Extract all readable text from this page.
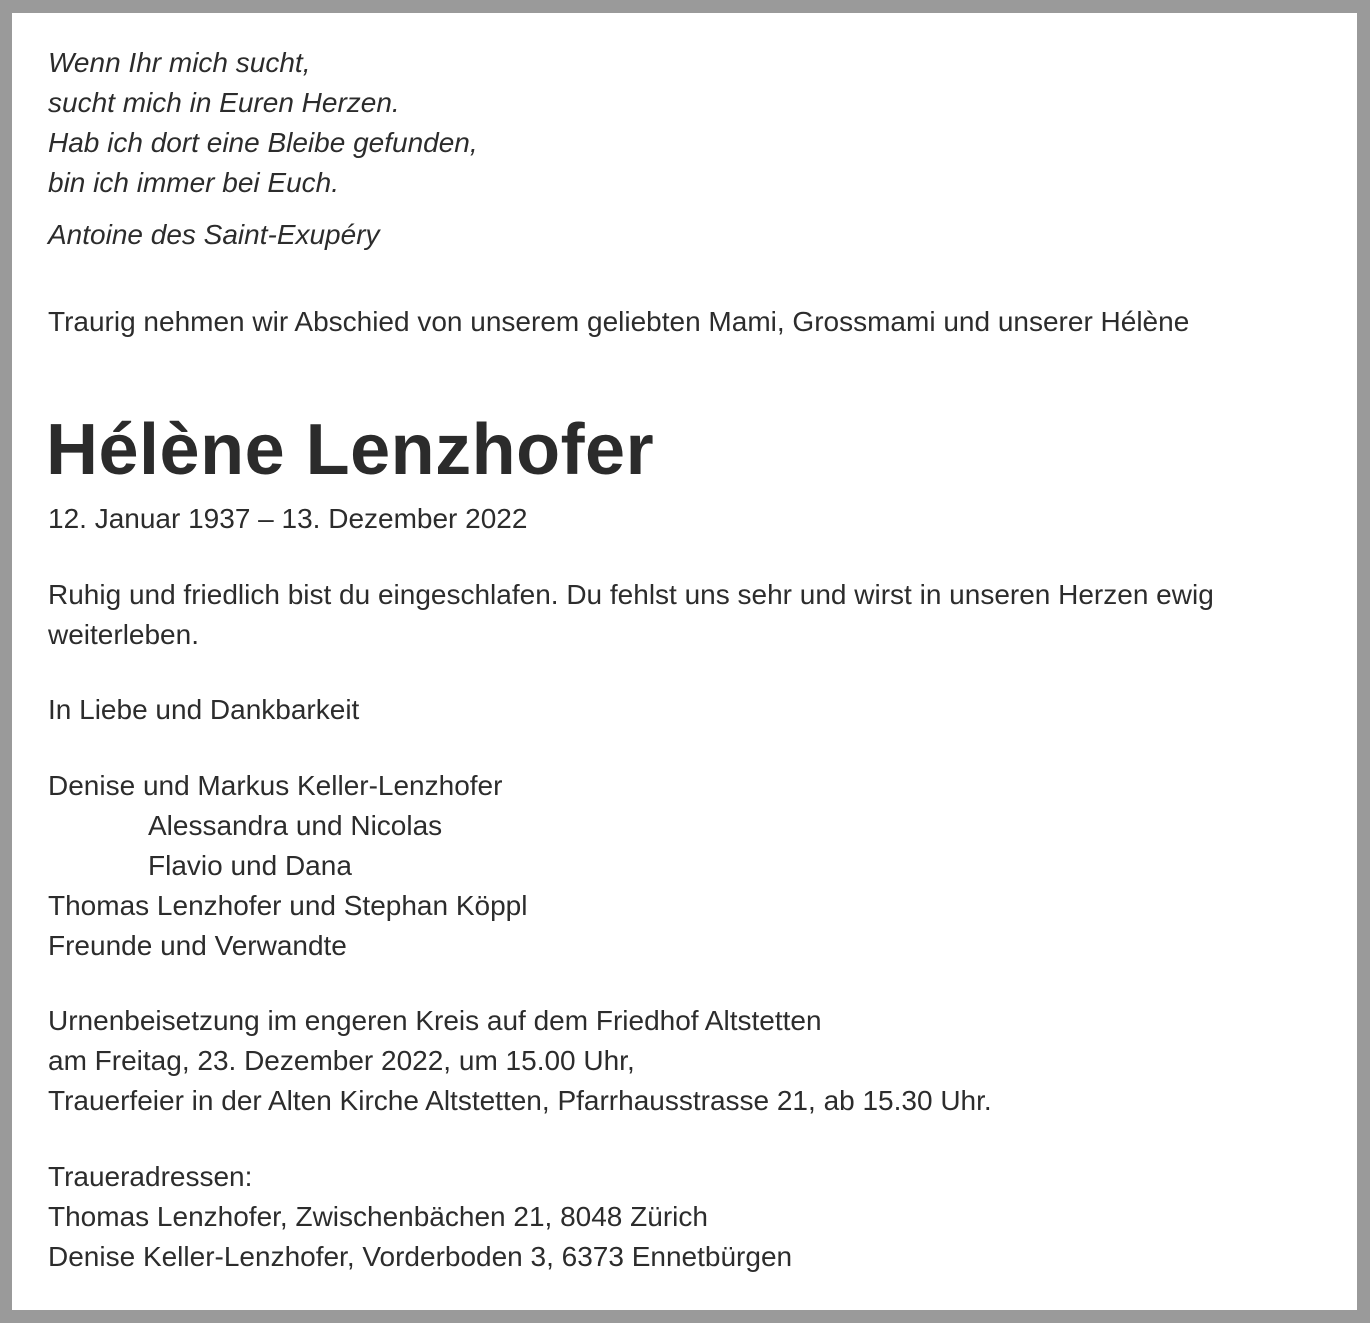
Wenn Ihr mich sucht,
sucht mich in Euren Herzen.
Hab ich dort eine Bleibe gefunden,
bin ich immer bei Euch.
Antoine des Saint-Exupéry
Traurig nehmen wir Abschied von unserem geliebten Mami, Grossmami und unserer Hélène
Hélène Lenzhofer
12. Januar 1937 – 13. Dezember 2022
Ruhig und friedlich bist du eingeschlafen. Du fehlst uns sehr und wirst in unseren Herzen ewig
weiterleben.
In Liebe und Dankbarkeit
Denise und Markus Keller-Lenzhofer
Alessandra und Nicolas
Flavio und Dana
Thomas Lenzhofer und Stephan Köppl
Freunde und Verwandte
Urnenbeisetzung im engeren Kreis auf dem Friedhof Altstetten
am Freitag, 23. Dezember 2022, um 15.00 Uhr,
Trauerfeier in der Alten Kirche Altstetten, Pfarrhausstrasse 21, ab 15.30 Uhr.
Traueradressen:
Thomas Lenzhofer, Zwischenbächen 21, 8048 Zürich
Denise Keller-Lenzhofer, Vorderboden 3, 6373 Ennetbürgen
